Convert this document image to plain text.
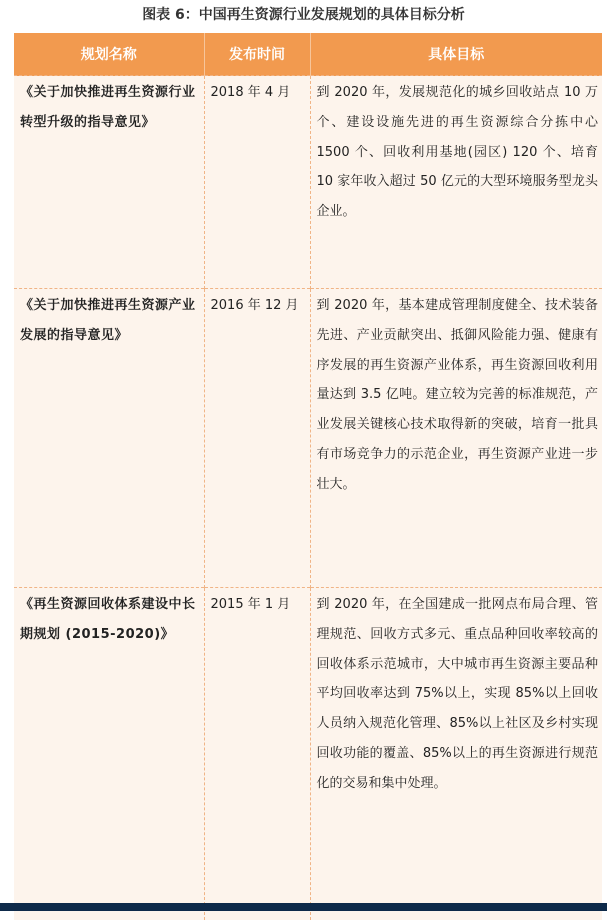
图表 6：中国再生资源行业发展规划的具体目标分析
规划名称	发布时间	具体目标
《关于加快推进再生资源行业转型升级的指导意见》	2018 年 4 月	到 2020 年，发展规范化的城乡回收站点 10 万个、建设设施先进的再生资源综合分拣中心 1500 个、回收利用基地(园区) 120 个、培育 10 家年收入超过 50 亿元的大型环境服务型龙头企业。
《关于加快推进再生资源产业发展的指导意见》	2016 年 12 月	到 2020 年，基本建成管理制度健全、技术装备先进、产业贡献突出、抵御风险能力强、健康有序发展的再生资源产业体系，再生资源回收利用量达到 3.5 亿吨。建立较为完善的标准规范，产业发展关键核心技术取得新的突破，培育一批具有市场竞争力的示范企业，再生资源产业进一步壮大。
《再生资源回收体系建设中长期规划 (2015-2020)》	2015 年 1 月	到 2020 年，在全国建成一批网点布局合理、管理规范、回收方式多元、重点品种回收率较高的回收体系示范城市，大中城市再生资源主要品种平均回收率达到 75%以上，实现 85%以上回收人员纳入规范化管理、85%以上社区及乡村实现回收功能的覆盖、85%以上的再生资源进行规范化的交易和集中处理。
